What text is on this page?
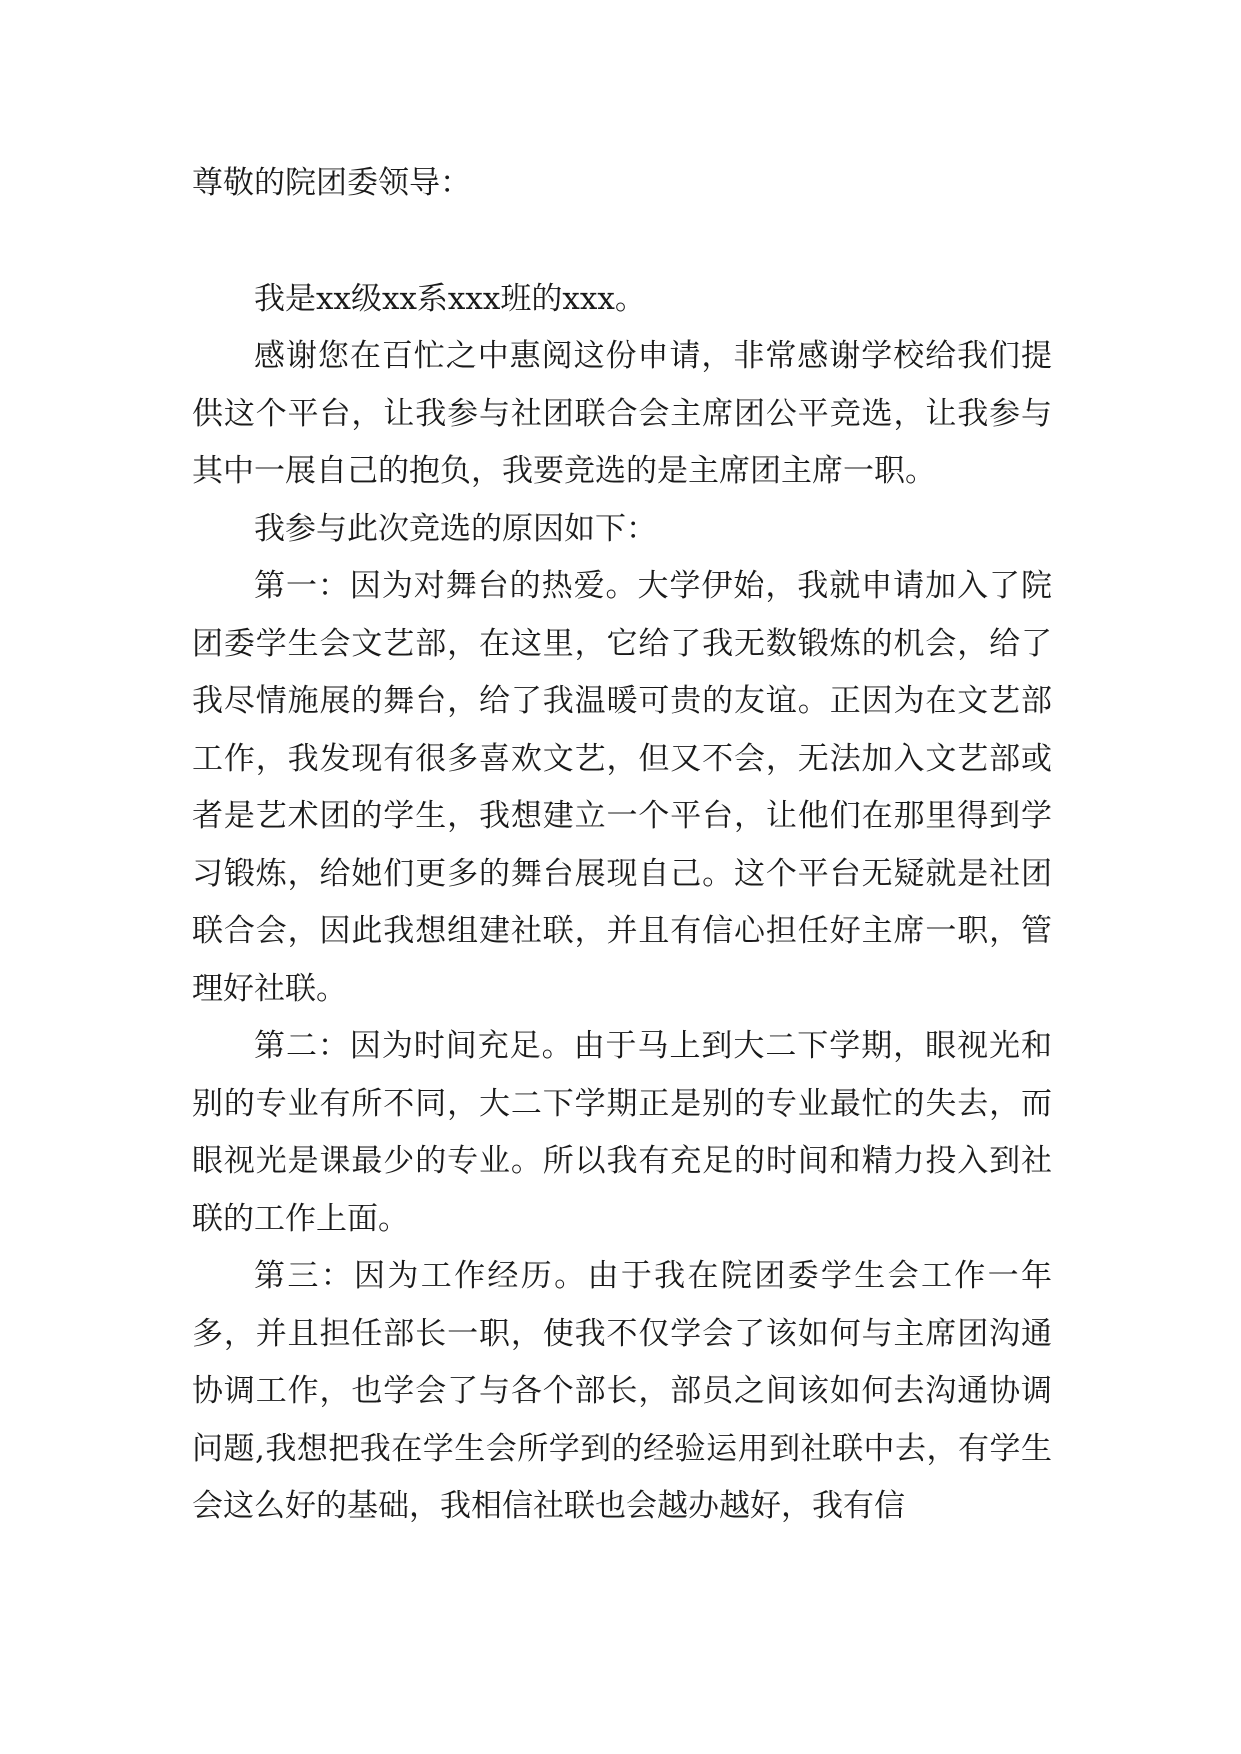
尊敬的院团委领导：

我是xx级xx系xxx班的xxx。

感谢您在百忙之中惠阅这份申请，非常感谢学校给我们提供这个平台，让我参与社团联合会主席团公平竞选，让我参与其中一展自己的抱负，我要竞选的是主席团主席一职。

我参与此次竞选的原因如下：

第一：因为对舞台的热爱。大学伊始，我就申请加入了院团委学生会文艺部，在这里，它给了我无数锻炼的机会，给了我尽情施展的舞台，给了我温暖可贵的友谊。正因为在文艺部工作，我发现有很多喜欢文艺，但又不会，无法加入文艺部或者是艺术团的学生，我想建立一个平台，让他们在那里得到学习锻炼，给她们更多的舞台展现自己。这个平台无疑就是社团联合会，因此我想组建社联，并且有信心担任好主席一职，管理好社联。

第二：因为时间充足。由于马上到大二下学期，眼视光和别的专业有所不同，大二下学期正是别的专业最忙的失去，而眼视光是课最少的专业。所以我有充足的时间和精力投入到社联的工作上面。

第三：因为工作经历。由于我在院团委学生会工作一年多，并且担任部长一职，使我不仅学会了该如何与主席团沟通协调工作，也学会了与各个部长，部员之间该如何去沟通协调问题,我想把我在学生会所学到的经验运用到社联中去，有学生会这么好的基础，我相信社联也会越办越好，我有信
